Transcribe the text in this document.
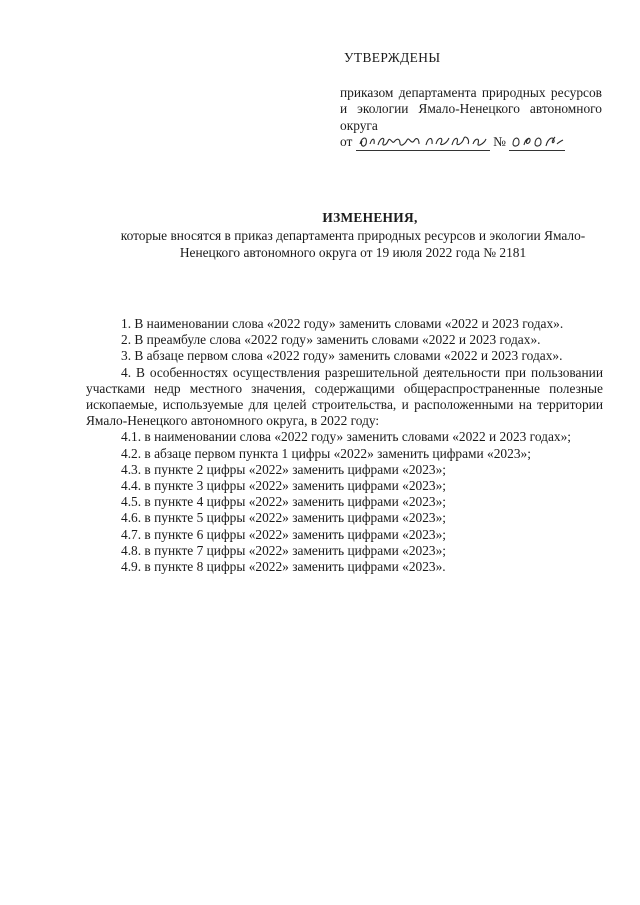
УТВЕРЖДЕНЫ
приказом департамента природных ресурсов и экологии Ямало-Ненецкого автономного округа
от	№
ИЗМЕНЕНИЯ,
которые вносятся в приказ департамента природных ресурсов и экологии Ямало-Ненецкого автономного округа от 19 июля 2022 года № 2181

1. В наименовании слова «2022 году» заменить словами «2022 и 2023 годах».

2. В преамбуле слова «2022 году» заменить словами «2022 и 2023 годах».

3. В абзаце первом слова «2022 году» заменить словами «2022 и 2023 годах».

4. В особенностях осуществления разрешительной деятельности при пользовании участками недр местного значения, содержащими общераспространенные полезные ископаемые, используемые для целей строительства, и расположенными на территории Ямало-Ненецкого автономного округа, в 2022 году:

4.1. в наименовании слова «2022 году» заменить словами «2022 и 2023 годах»;

4.2. в абзаце первом пункта 1 цифры «2022» заменить цифрами «2023»;

4.3. в пункте 2 цифры «2022» заменить цифрами «2023»;

4.4. в пункте 3 цифры «2022» заменить цифрами «2023»;

4.5. в пункте 4 цифры «2022» заменить цифрами «2023»;

4.6. в пункте 5 цифры «2022» заменить цифрами «2023»;

4.7. в пункте 6 цифры «2022» заменить цифрами «2023»;

4.8. в пункте 7 цифры «2022» заменить цифрами «2023»;

4.9. в пункте 8 цифры «2022» заменить цифрами «2023».
